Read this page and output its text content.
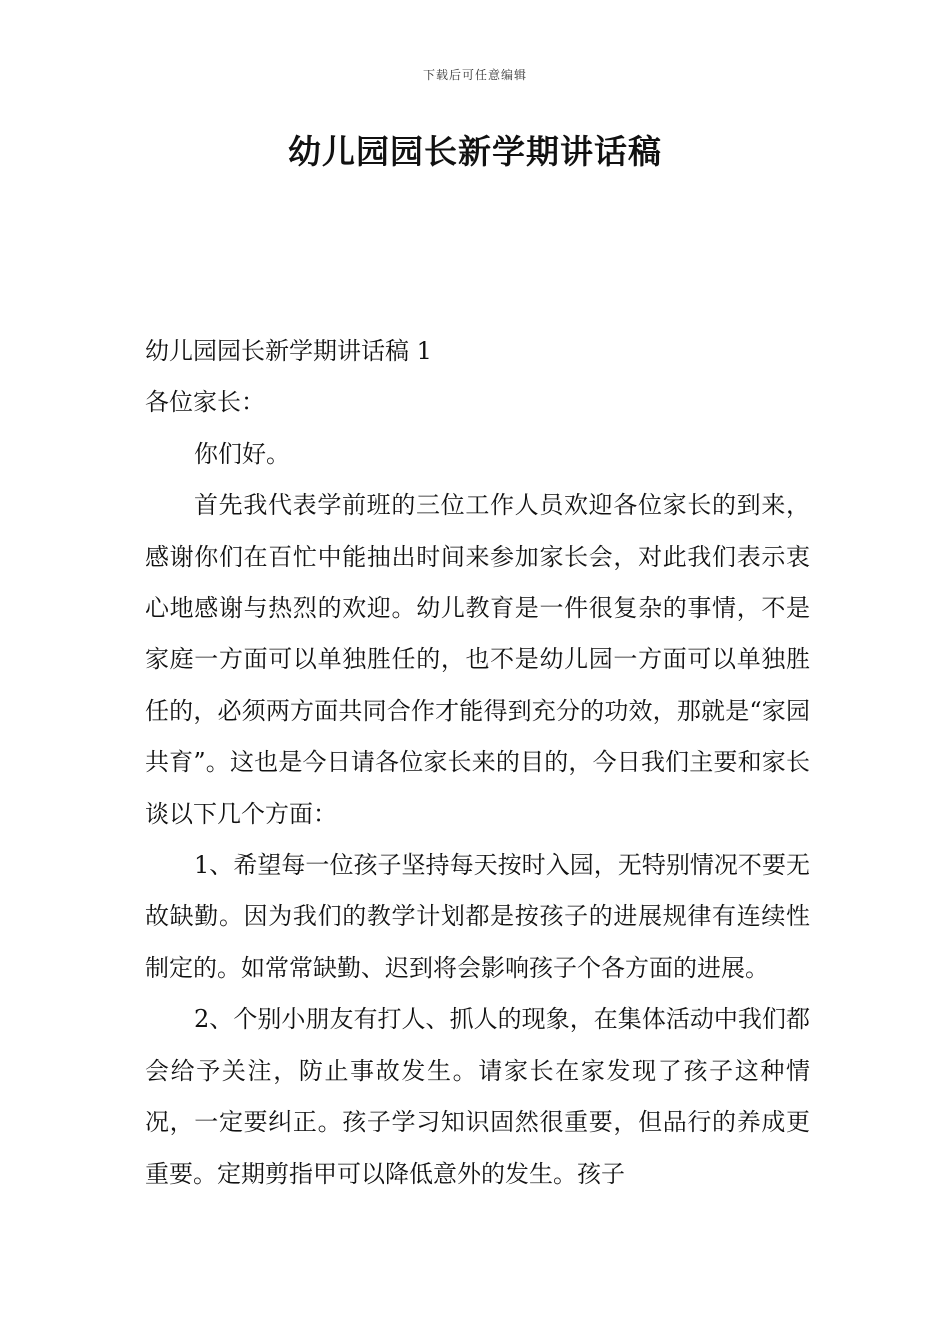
下载后可任意编辑
幼儿园园长新学期讲话稿

幼儿园园长新学期讲话稿 1

各位家长：

你们好。

首先我代表学前班的三位工作人员欢迎各位家长的到来，感谢你们在百忙中能抽出时间来参加家长会，对此我们表示衷心地感谢与热烈的欢迎。幼儿教育是一件很复杂的事情，不是家庭一方面可以单独胜任的，也不是幼儿园一方面可以单独胜任的，必须两方面共同合作才能得到充分的功效，那就是“家园共育”。这也是今日请各位家长来的目的，今日我们主要和家长谈以下几个方面：

1、希望每一位孩子坚持每天按时入园，无特别情况不要无故缺勤。因为我们的教学计划都是按孩子的进展规律有连续性制定的。如常常缺勤、迟到将会影响孩子个各方面的进展。

2、个别小朋友有打人、抓人的现象，在集体活动中我们都会给予关注，防止事故发生。请家长在家发现了孩子这种情况，一定要纠正。孩子学习知识固然很重要，但品行的养成更重要。定期剪指甲可以降低意外的发生。孩子
